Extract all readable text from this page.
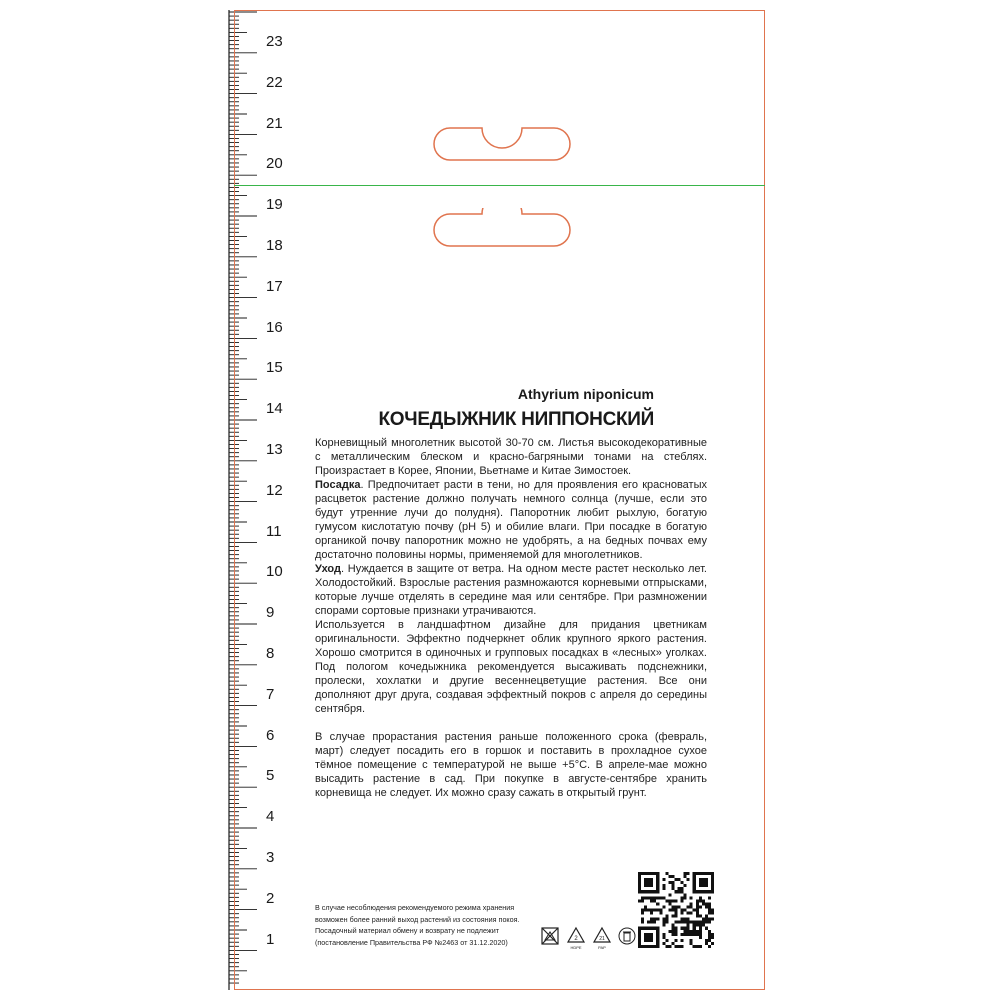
23
22
21
20
19
18
17
16
15
14
13
12
11
10
9
8
7
6
5
4
3
2
1
Athyrium niponicum
КОЧЕДЫЖНИК НИППОНСКИЙ

Корневищный многолетник высотой 30-70 см. Листья высокодекоративные с металлическим блеском и красно-багряными тонами на стеблях. Произрастает в Корее, Японии, Вьетнаме и Китае Зимостоек.

Посадка. Предпочитает расти в тени, но для проявления его красноватых расцветок растение должно получать немного солнца (лучше, если это будут утренние лучи до полудня). Папоротник любит рыхлую, богатую гумусом кислотатую почву (pH 5) и обилие влаги. При посадке в богатую органикой почву папоротник можно не удобрять, а на бедных почвах ему достаточно половины нормы, применяемой для многолетников.

Уход. Нуждается в защите от ветра. На одном месте растет несколько лет. Холодостойкий. Взрослые растения размножаются корневыми отпрысками, которые лучше отделять в середине мая или сентябре. При размножении спорами сортовые признаки утрачиваются.

Используется в ландшафтном дизайне для придания цветникам оригинальности. Эффектно подчеркнет облик крупного яркого растения. Хорошо смотрится в одиночных и групповых посадках в «лесных» уголках. Под пологом кочедыжника рекомендуется высаживать подснежники, пролески, хохлатки и другие весеннецветущие растения. Все они дополняют друг друга, создавая эффектный покров с апреля до середины сентября.

В случае прорастания растения раньше положенного срока (февраль, март) следует посадить его в горшок и поставить в прохладное сухое тёмное помещение с температурой не выше +5°С. В апреле-мае можно высадить растение в сад. При покупке в августе-сентябре хранить корневища не следует. Их можно сразу сажать в открытый грунт.

В случае несоблюдения рекомендуемого режима хранения
возможен более ранний выход растений из состояния покоя.
Посадочный материал обмену и возврату не подлежит
(постановление Правительства РФ №2463 от 31.12.2020)	2
HDPE
21
PAP
